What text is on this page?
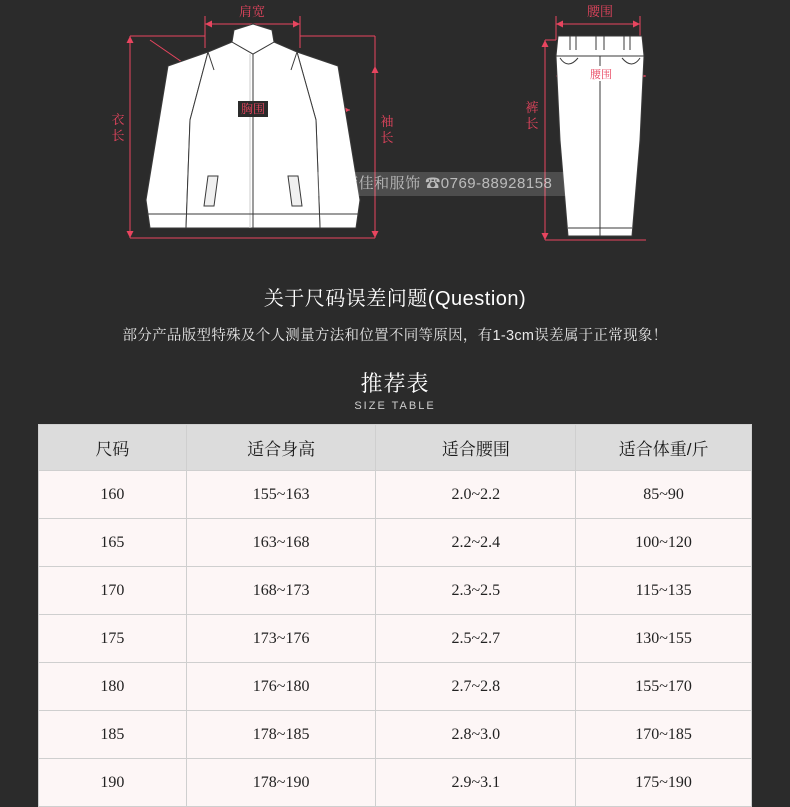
肩宽
胸围
衣
长
袖
长
腰围
腰围
裤
长
东莞佳和服饰 ☎0769-88928158
关于尺码误差问题(Question)
部分产品版型特殊及个人测量方法和位置不同等原因，有1-3cm误差属于正常现象！
推荐表
SIZE TABLE
尺码	适合身高	适合腰围	适合体重/斤
160	155~163	2.0~2.2	85~90
165	163~168	2.2~2.4	100~120
170	168~173	2.3~2.5	115~135
175	173~176	2.5~2.7	130~155
180	176~180	2.7~2.8	155~170
185	178~185	2.8~3.0	170~185
190	178~190	2.9~3.1	175~190
